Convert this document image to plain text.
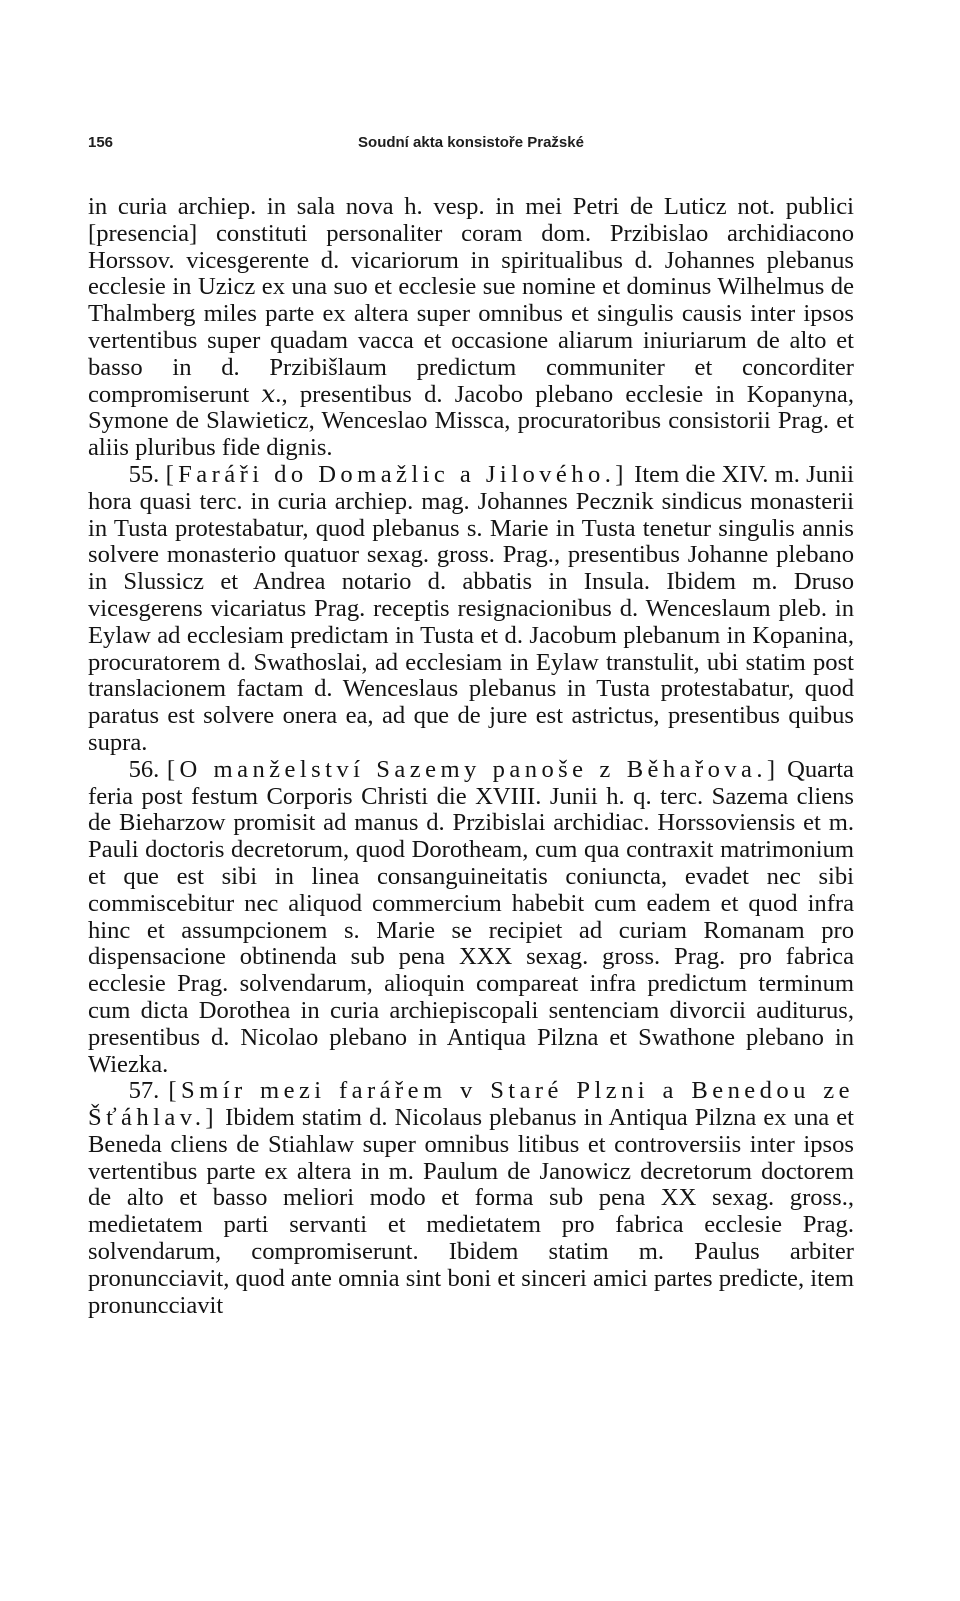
156	Soudní akta konsistoře Pražské

in curia archiep. in sala nova h. vesp. in mei Petri de Luticz not. publici [presencia] constituti personaliter coram dom. Przibislao archidiacono Horssov. vicesgerente d. vicariorum in spiritualibus d. Johannes plebanus ecclesie in Uzicz ex una suo et ecclesie sue nomine et dominus Wilhelmus de Thalmberg miles parte ex altera super omnibus et singulis causis inter ipsos vertentibus super quadam vacca et occasione aliarum iniuriarum de alto et basso in d. Przibišlaum predictum communiter et concorditer compromiserunt 𝑥., presentibus d. Jacobo plebano ecclesie in Kopanyna, Symone de Slawieticz, Wenceslao Missca, procuratoribus consistorii Prag. et aliis pluribus fide dignis.

55. [Faráři do Domažlic a Jilového.] Item die XIV. m. Junii hora quasi terc. in curia archiep. mag. Johannes Pecznik sindicus monasterii in Tusta protestabatur, quod plebanus s. Marie in Tusta tenetur singulis annis solvere monasterio quatuor sexag. gross. Prag., presentibus Johanne plebano in Slussicz et Andrea notario d. abbatis in Insula. Ibidem m. Druso vicesgerens vicariatus Prag. receptis resignacionibus d. Wenceslaum pleb. in Eylaw ad ecclesiam predictam in Tusta et d. Jacobum plebanum in Kopanina, procuratorem d. Swathoslai, ad ecclesiam in Eylaw transtulit, ubi statim post translacionem factam d. Wenceslaus plebanus in Tusta protestabatur, quod paratus est solvere onera ea, ad que de jure est astrictus, presentibus quibus supra.

56. [O manželství Sazemy panoše z Běhařova.] Quarta feria post festum Corporis Christi die XVIII. Junii h. q. terc. Sazema cliens de Bieharzow promisit ad manus d. Przibislai archidiac. Horssoviensis et m. Pauli doctoris decretorum, quod Dorotheam, cum qua contraxit matrimonium et que est sibi in linea consanguineitatis coniuncta, evadet nec sibi commiscebitur nec aliquod commercium habebit cum eadem et quod infra hinc et assumpcionem s. Marie se recipiet ad curiam Romanam pro dispensacione obtinenda sub pena XXX sexag. gross. Prag. pro fabrica ecclesie Prag. solvendarum, alioquin compareat infra predictum terminum cum dicta Dorothea in curia archiepiscopali sentenciam divorcii auditurus, presentibus d. Nicolao plebano in Antiqua Pilzna et Swathone plebano in Wiezka.

57. [Smír mezi farářem v Staré Plzni a Benedou ze Šťáhlav.] Ibidem statim d. Nicolaus plebanus in Antiqua Pilzna ex una et Beneda cliens de Stiahlaw super omnibus litibus et controversiis inter ipsos vertentibus parte ex altera in m. Paulum de Janowicz decretorum doctorem de alto et basso meliori modo et forma sub pena XX sexag. gross., medietatem parti servanti et medietatem pro fabrica ecclesie Prag. solvendarum, compromiserunt. Ibidem statim m. Paulus arbiter pronuncciavit, quod ante omnia sint boni et sinceri amici partes predicte, item pronuncciavit
